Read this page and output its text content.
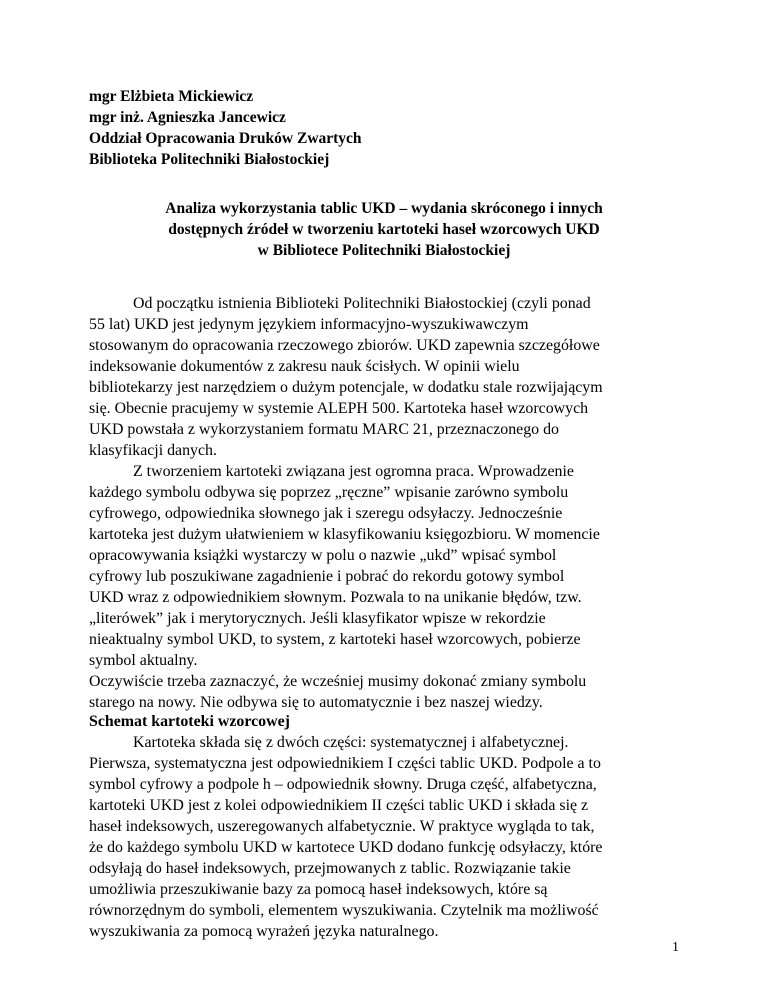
mgr Elżbieta Mickiewicz
mgr inż. Agnieszka Jancewicz
Oddział Opracowania Druków Zwartych
Biblioteka Politechniki Białostockiej
Analiza wykorzystania tablic UKD – wydania skróconego i innych
dostępnych źródeł w tworzeniu kartoteki haseł wzorcowych UKD
w Bibliotece Politechniki Białostockiej
Od początku istnienia Biblioteki Politechniki Białostockiej (czyli ponad
55 lat) UKD jest jedynym językiem informacyjno-wyszukiwawczym
stosowanym do opracowania rzeczowego zbiorów. UKD zapewnia szczegółowe
indeksowanie dokumentów z zakresu nauk ścisłych. W opinii wielu
bibliotekarzy jest narzędziem o dużym potencjale, w dodatku stale rozwijającym
się. Obecnie pracujemy w systemie ALEPH 500. Kartoteka haseł wzorcowych
UKD powstała z wykorzystaniem formatu MARC 21, przeznaczonego do
klasyfikacji danych.
Z tworzeniem kartoteki związana jest ogromna praca. Wprowadzenie
każdego symbolu odbywa się poprzez „ręczne” wpisanie zarówno symbolu
cyfrowego, odpowiednika słownego jak i szeregu odsyłaczy. Jednocześnie
kartoteka jest dużym ułatwieniem w klasyfikowaniu księgozbioru. W momencie
opracowywania książki wystarczy w polu o nazwie „ukd” wpisać symbol
cyfrowy lub poszukiwane zagadnienie i pobrać do rekordu gotowy symbol
UKD wraz z odpowiednikiem słownym. Pozwala to na unikanie błędów, tzw.
„literówek” jak i merytorycznych. Jeśli klasyfikator wpisze w rekordzie
nieaktualny symbol UKD, to system, z kartoteki haseł wzorcowych, pobierze
symbol aktualny.
Oczywiście trzeba zaznaczyć, że wcześniej musimy dokonać zmiany symbolu
starego na nowy. Nie odbywa się to automatycznie i bez naszej wiedzy.
Schemat kartoteki wzorcowej
Kartoteka składa się z dwóch części: systematycznej i alfabetycznej.
Pierwsza, systematyczna jest odpowiednikiem I części tablic UKD. Podpole a to
symbol cyfrowy a podpole h – odpowiednik słowny. Druga część, alfabetyczna,
kartoteki UKD jest z kolei odpowiednikiem II części tablic UKD i składa się z
haseł indeksowych, uszeregowanych alfabetycznie. W praktyce wygląda to tak,
że do każdego symbolu UKD w kartotece UKD dodano funkcję odsyłaczy, które
odsyłają do haseł indeksowych, przejmowanych z tablic. Rozwiązanie takie
umożliwia przeszukiwanie bazy za pomocą haseł indeksowych, które są
równorzędnym do symboli, elementem wyszukiwania. Czytelnik ma możliwość
wyszukiwania za pomocą wyrażeń języka naturalnego.
1
